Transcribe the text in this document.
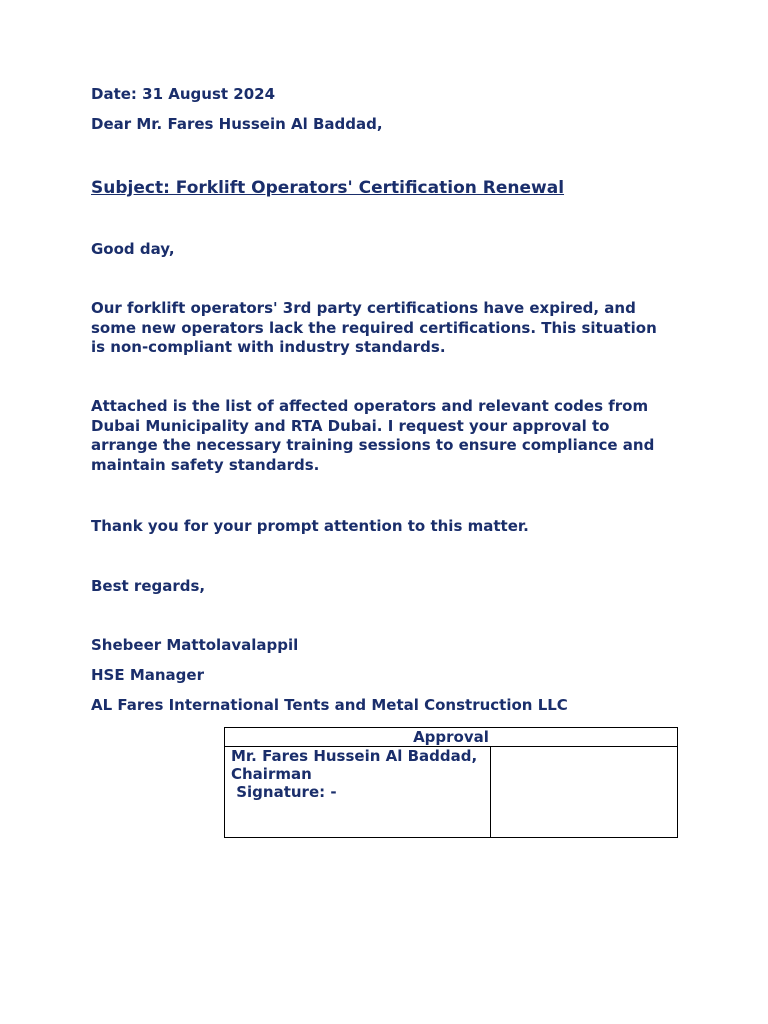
Date: 31 August 2024
Dear Mr. Fares Hussein Al Baddad,
Subject: Forklift Operators' Certification Renewal
Good day,
Our forklift operators' 3rd party certifications have expired, and
some new operators lack the required certifications. This situation
is non-compliant with industry standards.
Attached is the list of affected operators and relevant codes from
Dubai Municipality and RTA Dubai. I request your approval to
arrange the necessary training sessions to ensure compliance and
maintain safety standards.
Thank you for your prompt attention to this matter.
Best regards,
Shebeer Mattolavalappil
HSE Manager
AL Fares International Tents and Metal Construction LLC
Approval

Mr. Fares Hussein Al Baddad,
Chairman
Signature: -
